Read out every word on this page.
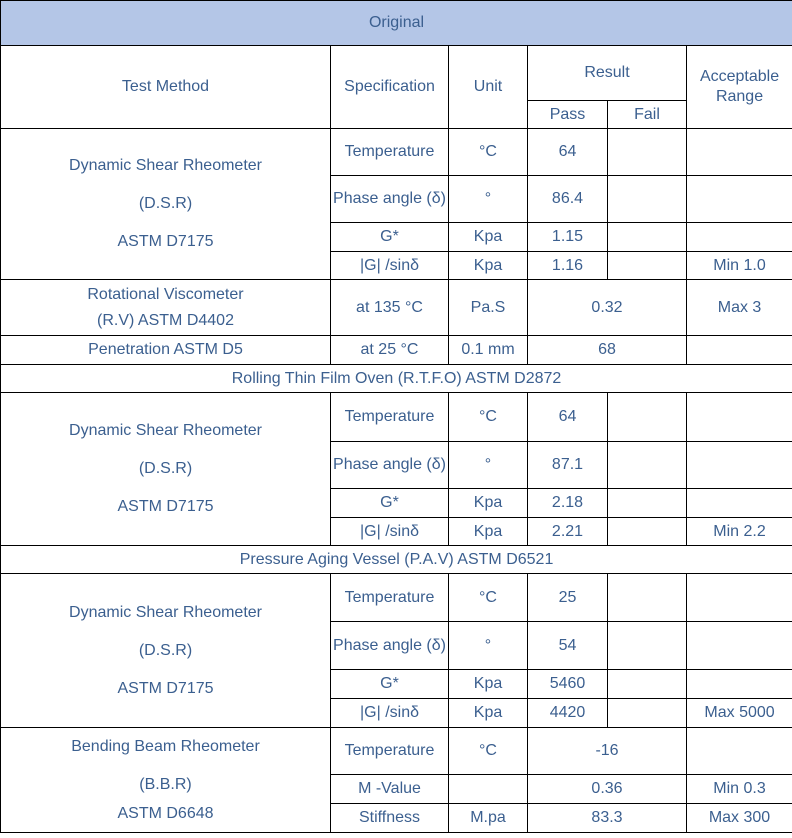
Original					
Test Method	Specification	Unit	Result		Acceptable Range
			Pass	Fail	

Dynamic Shear Rheometer
(D.S.R)
ASTM D7175	Temperature	°C	64		
	Phase angle (δ)	°	86.4		
	G*	Kpa	1.15		
	|G| /sinδ	Kpa	1.16		Min 1.0

Rotational Viscometer
(R.V) ASTM D4402	at 135 °C	Pa.S	0.32		Max 3
Penetration ASTM D5	at 25 °C	0.1 mm	68		
Rolling Thin Film Oven (R.T.F.O) ASTM D2872					

Dynamic Shear Rheometer
(D.S.R)
ASTM D7175	Temperature	°C	64		
	Phase angle (δ)	°	87.1		
	G*	Kpa	2.18		
	|G| /sinδ	Kpa	2.21		Min 2.2
Pressure Aging Vessel (P.A.V) ASTM D6521					

Dynamic Shear Rheometer
(D.S.R)
ASTM D7175	Temperature	°C	25		
	Phase angle (δ)	°	54		
	G*	Kpa	5460		
	|G| /sinδ	Kpa	4420		Max 5000

Bending Beam Rheometer
(B.B.R)
ASTM D6648	Temperature	°C	-16		
	M -Value		0.36		Min 0.3
	Stiffness	M.pa	83.3		Max 300
